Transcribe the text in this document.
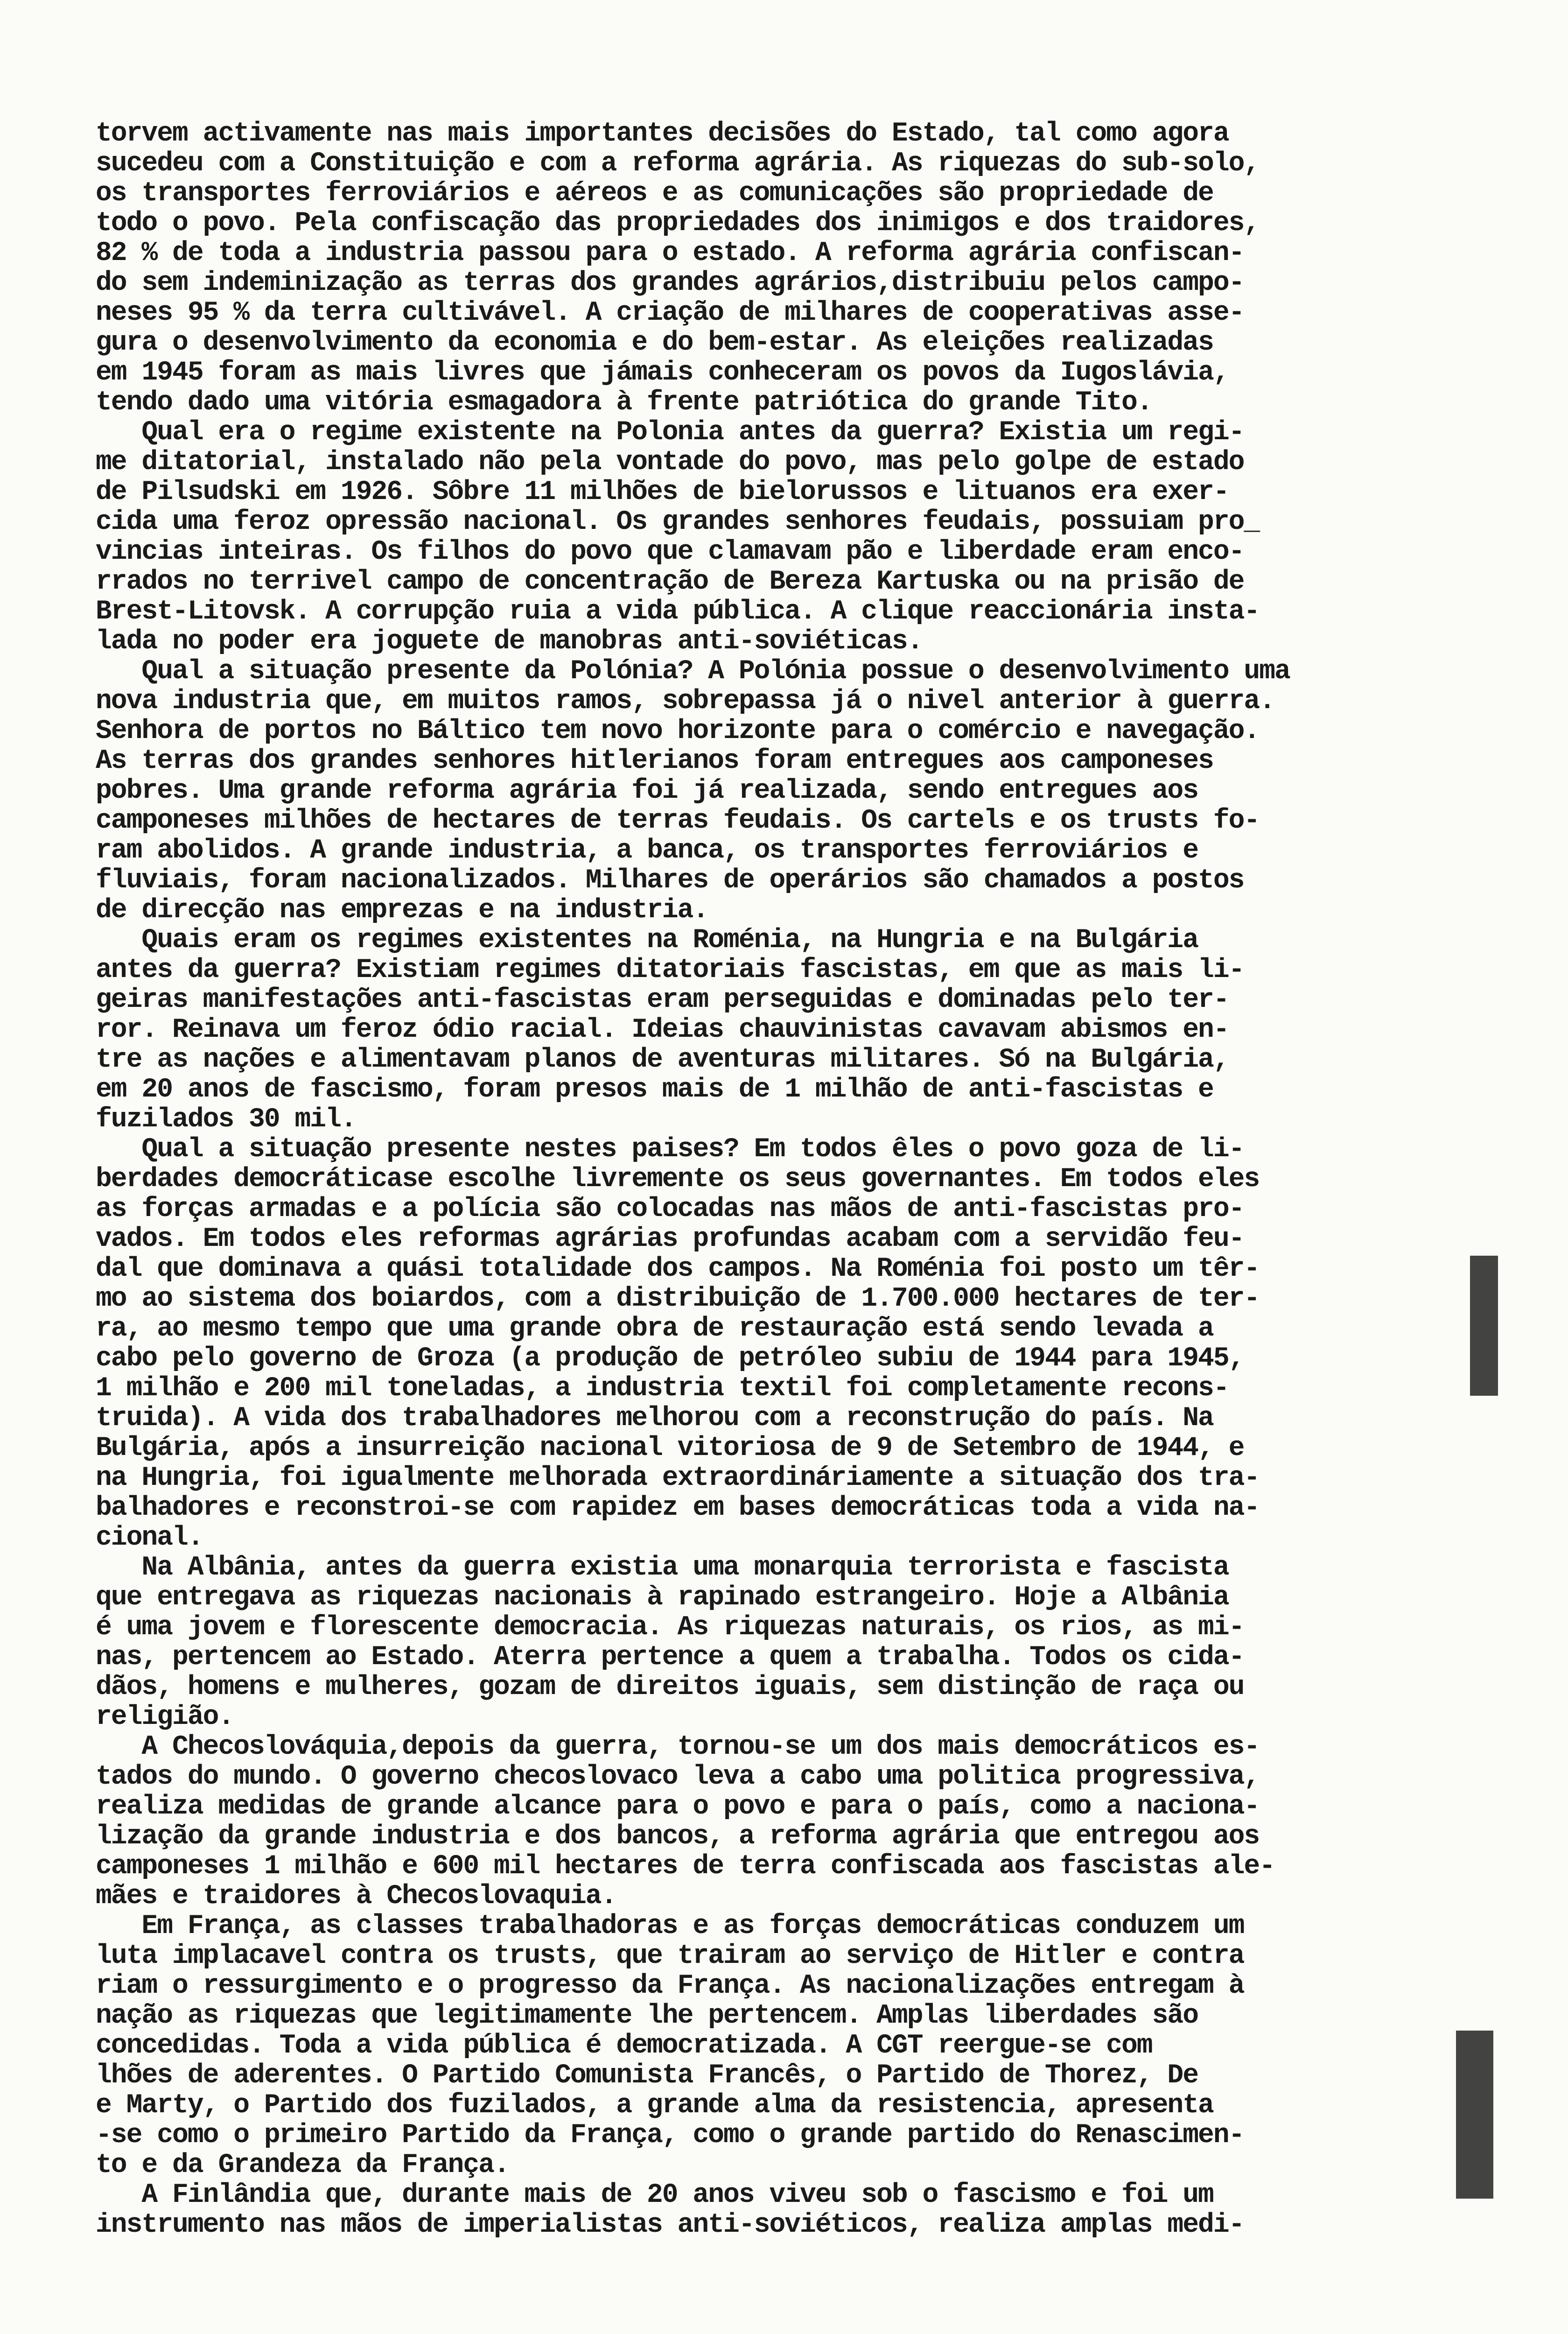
torvem activamente nas mais importantes decisões do Estado, tal como agora
sucedeu com a Constituição e com a reforma agrária. As riquezas do sub-solo,
os transportes ferroviários e aéreos e as comunicações são propriedade de
todo o povo. Pela confiscação das propriedades dos inimigos e dos traidores,
82 % de toda a industria passou para o estado. A reforma agrária confiscan-
do sem indeminização as terras dos grandes agrários,distribuiu pelos campo-
neses 95 % da terra cultivável. A criação de milhares de cooperativas asse-
gura o desenvolvimento da economia e do bem-estar. As eleições realizadas
em 1945 foram as mais livres que jámais conheceram os povos da Iugoslávia,
tendo dado uma vitória esmagadora à frente patriótica do grande Tito.
Qual era o regime existente na Polonia antes da guerra? Existia um regi-
me ditatorial, instalado não pela vontade do povo, mas pelo golpe de estado
de Pilsudski em 1926. Sôbre 11 milhões de bielorussos e lituanos era exer-
cida uma feroz opressão nacional. Os grandes senhores feudais, possuiam pro_
vincias inteiras. Os filhos do povo que clamavam pão e liberdade eram enco-
rrados no terrivel campo de concentração de Bereza Kartuska ou na prisão de
Brest-Litovsk. A corrupção ruia a vida pública. A clique reaccionária insta-
lada no poder era joguete de manobras anti-soviéticas.
Qual a situação presente da Polónia? A Polónia possue o desenvolvimento uma
nova industria que, em muitos ramos, sobrepassa já o nivel anterior à guerra.
Senhora de portos no Báltico tem novo horizonte para o comércio e navegação.
As terras dos grandes senhores hitlerianos foram entregues aos camponeses
pobres. Uma grande reforma agrária foi já realizada, sendo entregues aos
camponeses milhões de hectares de terras feudais. Os cartels e os trusts fo-
ram abolidos. A grande industria, a banca, os transportes ferroviários e
fluviais, foram nacionalizados. Milhares de operários são chamados a postos
de direcção nas emprezas e na industria.
Quais eram os regimes existentes na Roménia, na Hungria e na Bulgária
antes da guerra? Existiam regimes ditatoriais fascistas, em que as mais li-
geiras manifestações anti-fascistas eram perseguidas e dominadas pelo ter-
ror. Reinava um feroz ódio racial. Ideias chauvinistas cavavam abismos en-
tre as nações e alimentavam planos de aventuras militares. Só na Bulgária,
em 20 anos de fascismo, foram presos mais de 1 milhão de anti-fascistas e
fuzilados 30 mil.
Qual a situação presente nestes paises? Em todos êles o povo goza de li-
berdades democráticase escolhe livremente os seus governantes. Em todos eles
as forças armadas e a polícia são colocadas nas mãos de anti-fascistas pro-
vados. Em todos eles reformas agrárias profundas acabam com a servidão feu-
dal que dominava a quási totalidade dos campos. Na Roménia foi posto um têr-
mo ao sistema dos boiardos, com a distribuição de 1.700.000 hectares de ter-
ra, ao mesmo tempo que uma grande obra de restauração está sendo levada a
cabo pelo governo de Groza (a produção de petróleo subiu de 1944 para 1945,
1 milhão e 200 mil toneladas, a industria textil foi completamente recons-
truida). A vida dos trabalhadores melhorou com a reconstrução do país. Na
Bulgária, após a insurreição nacional vitoriosa de 9 de Setembro de 1944, e
na Hungria, foi igualmente melhorada extraordináriamente a situação dos tra-
balhadores e reconstroi-se com rapidez em bases democráticas toda a vida na-
cional.
Na Albânia, antes da guerra existia uma monarquia terrorista e fascista
que entregava as riquezas nacionais à rapinado estrangeiro. Hoje a Albânia
é uma jovem e florescente democracia. As riquezas naturais, os rios, as mi-
nas, pertencem ao Estado. Aterra pertence a quem a trabalha. Todos os cida-
dãos, homens e mulheres, gozam de direitos iguais, sem distinção de raça ou
religião.
A Checoslováquia,depois da guerra, tornou-se um dos mais democráticos es-
tados do mundo. O governo checoslovaco leva a cabo uma politica progressiva,
realiza medidas de grande alcance para o povo e para o país, como a naciona-
lização da grande industria e dos bancos, a reforma agrária que entregou aos
camponeses 1 milhão e 600 mil hectares de terra confiscada aos fascistas ale-
mães e traidores à Checoslovaquia.
Em França, as classes trabalhadoras e as forças democráticas conduzem um
luta implacavel contra os trusts, que trairam ao serviço de Hitler e contra
riam o ressurgimento e o progresso da França. As nacionalizações entregam à
nação as riquezas que legitimamente lhe pertencem. Amplas liberdades são
concedidas. Toda a vida pública é democratizada. A CGT reergue-se com
lhões de aderentes. O Partido Comunista Francês, o Partido de Thorez, De
e Marty, o Partido dos fuzilados, a grande alma da resistencia, apresenta
-se como o primeiro Partido da França, como o grande partido do Renascimen-
to e da Grandeza da França.
A Finlândia que, durante mais de 20 anos viveu sob o fascismo e foi um
instrumento nas mãos de imperialistas anti-soviéticos, realiza amplas medi-
